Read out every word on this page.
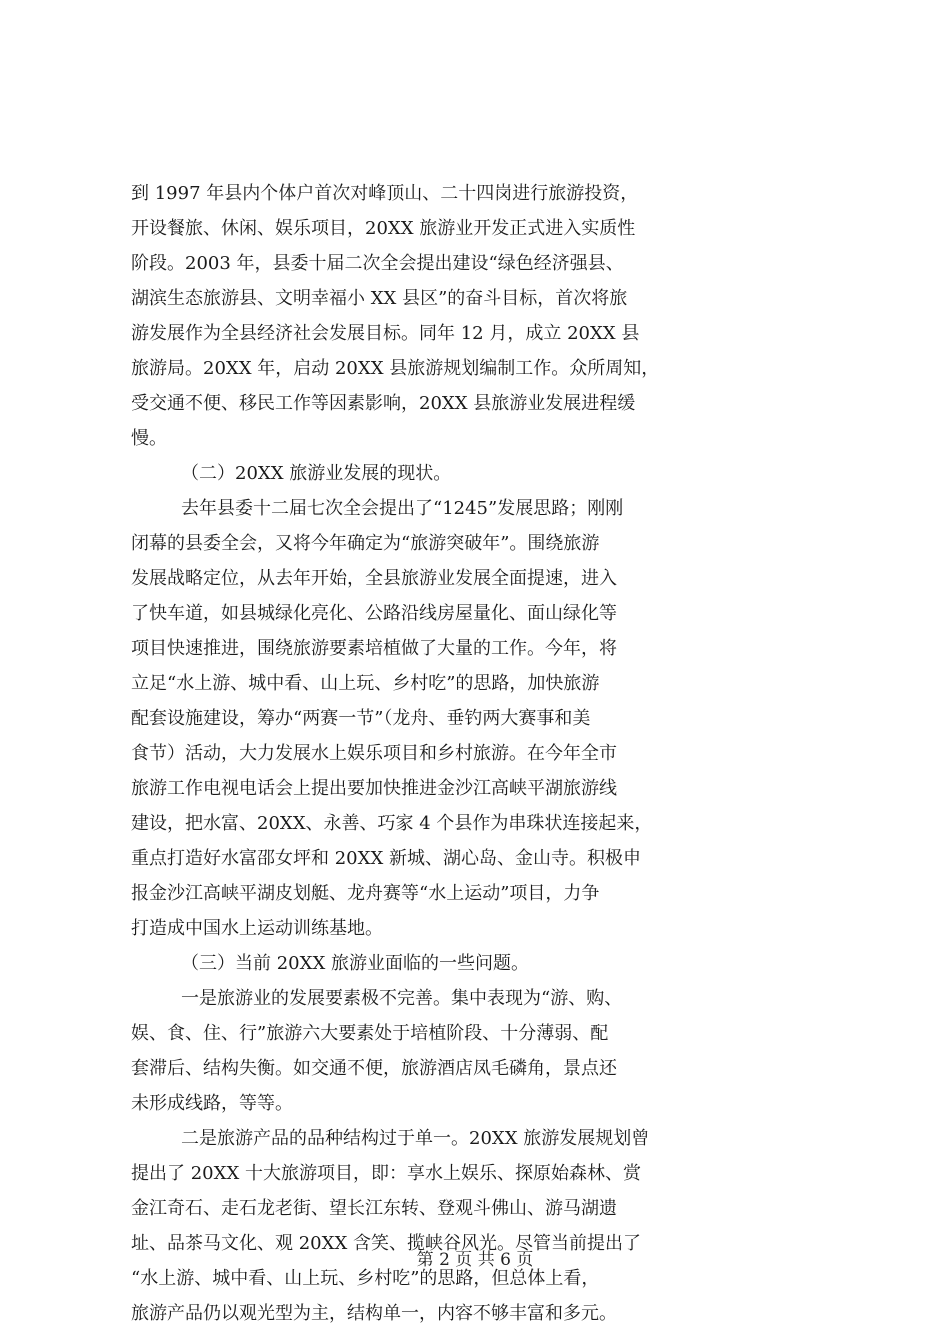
到 1997 年县内个体户首次对峰顶山、二十四岗进行旅游投资，
开设餐旅、休闲、娱乐项目，20XX 旅游业开发正式进入实质性
阶段。2003 年，县委十届二次全会提出建设“绿色经济强县、
湖滨生态旅游县、文明幸福小 XX 县区”的奋斗目标，首次将旅
游发展作为全县经济社会发展目标。同年 12 月，成立 20XX 县
旅游局。20XX 年，启动 20XX 县旅游规划编制工作。众所周知，
受交通不便、移民工作等因素影响，20XX 县旅游业发展进程缓
慢。
（二）20XX 旅游业发展的现状。
去年县委十二届七次全会提出了“1245”发展思路；刚刚
闭幕的县委全会，又将今年确定为“旅游突破年”。围绕旅游
发展战略定位，从去年开始，全县旅游业发展全面提速，进入
了快车道，如县城绿化亮化、公路沿线房屋量化、面山绿化等
项目快速推进，围绕旅游要素培植做了大量的工作。今年，将
立足“水上游、城中看、山上玩、乡村吃”的思路，加快旅游
配套设施建设，筹办“两赛一节”（龙舟、垂钓两大赛事和美
食节）活动，大力发展水上娱乐项目和乡村旅游。在今年全市
旅游工作电视电话会上提出要加快推进金沙江高峡平湖旅游线
建设，把水富、20XX、永善、巧家 4 个县作为串珠状连接起来，
重点打造好水富邵女坪和 20XX 新城、湖心岛、金山寺。积极申
报金沙江高峡平湖皮划艇、龙舟赛等“水上运动”项目，力争
打造成中国水上运动训练基地。
（三）当前 20XX 旅游业面临的一些问题。
一是旅游业的发展要素极不完善。集中表现为“游、购、
娱、食、住、行”旅游六大要素处于培植阶段、十分薄弱、配
套滞后、结构失衡。如交通不便，旅游酒店凤毛磷角，景点还
未形成线路，等等。
二是旅游产品的品种结构过于单一。20XX 旅游发展规划曾
提出了 20XX 十大旅游项目，即：享水上娱乐、探原始森林、赏
金江奇石、走石龙老街、望长江东转、登观斗佛山、游马湖遗
址、品茶马文化、观 20XX 含笑、揽峡谷风光。尽管当前提出了
“水上游、城中看、山上玩、乡村吃”的思路，但总体上看，
旅游产品仍以观光型为主，结构单一，内容不够丰富和多元。
第 2 页 共 6 页
